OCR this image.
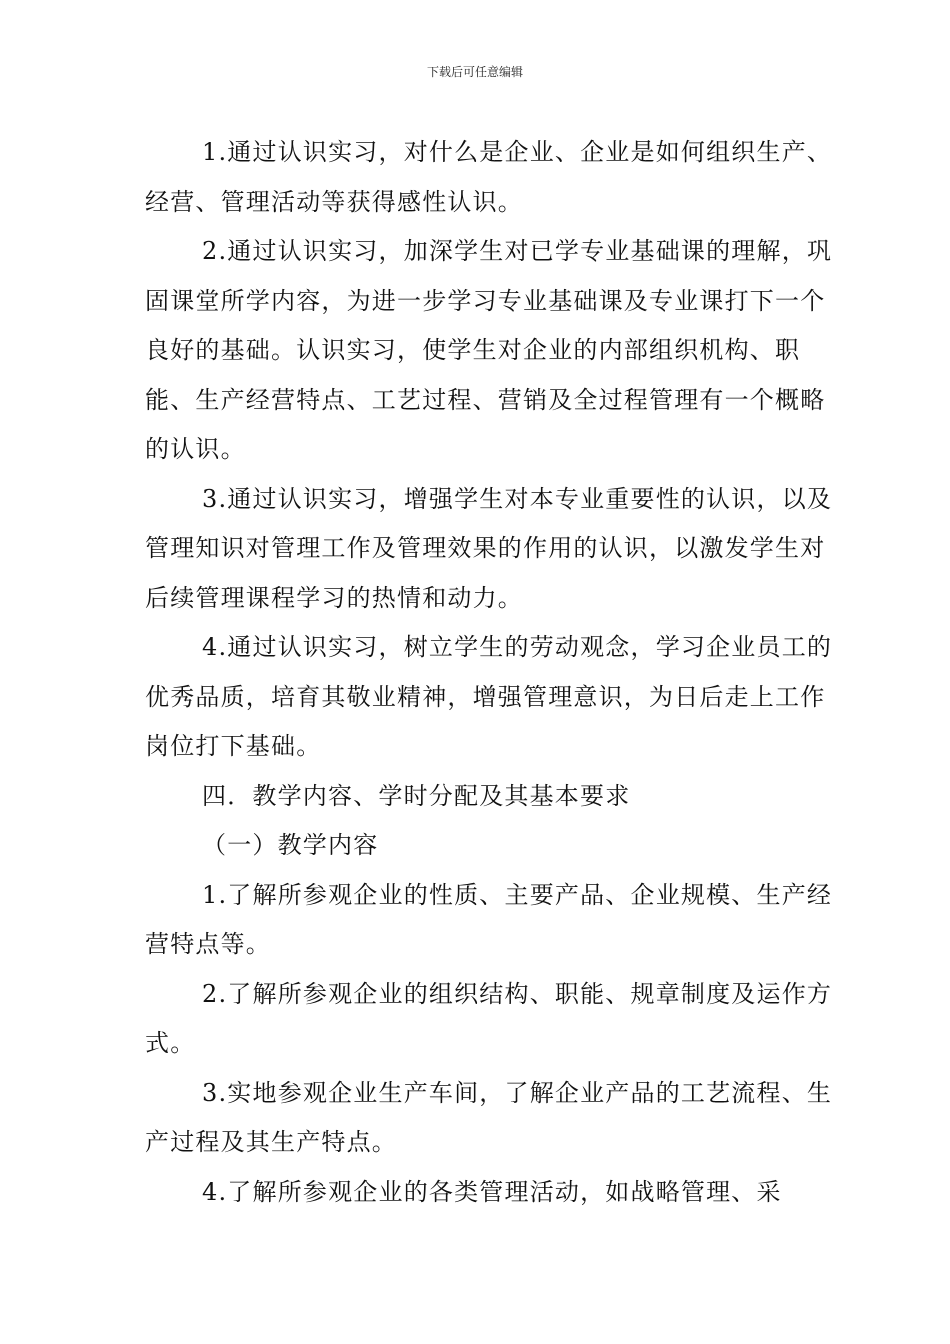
下载后可任意编辑

1.通过认识实习，对什么是企业、企业是如何组织生产、经营、管理活动等获得感性认识。

2.通过认识实习，加深学生对已学专业基础课的理解，巩固课堂所学内容，为进一步学习专业基础课及专业课打下一个良好的基础。认识实习，使学生对企业的内部组织机构、职能、生产经营特点、工艺过程、营销及全过程管理有一个概略的认识。

3.通过认识实习，增强学生对本专业重要性的认识，以及管理知识对管理工作及管理效果的作用的认识，以激发学生对后续管理课程学习的热情和动力。

4.通过认识实习，树立学生的劳动观念，学习企业员工的优秀品质，培育其敬业精神，增强管理意识，为日后走上工作岗位打下基础。

四．教学内容、学时分配及其基本要求

（一）教学内容

1.了解所参观企业的性质、主要产品、企业规模、生产经营特点等。

2.了解所参观企业的组织结构、职能、规章制度及运作方式。

3.实地参观企业生产车间，了解企业产品的工艺流程、生产过程及其生产特点。

4.了解所参观企业的各类管理活动，如战略管理、采
